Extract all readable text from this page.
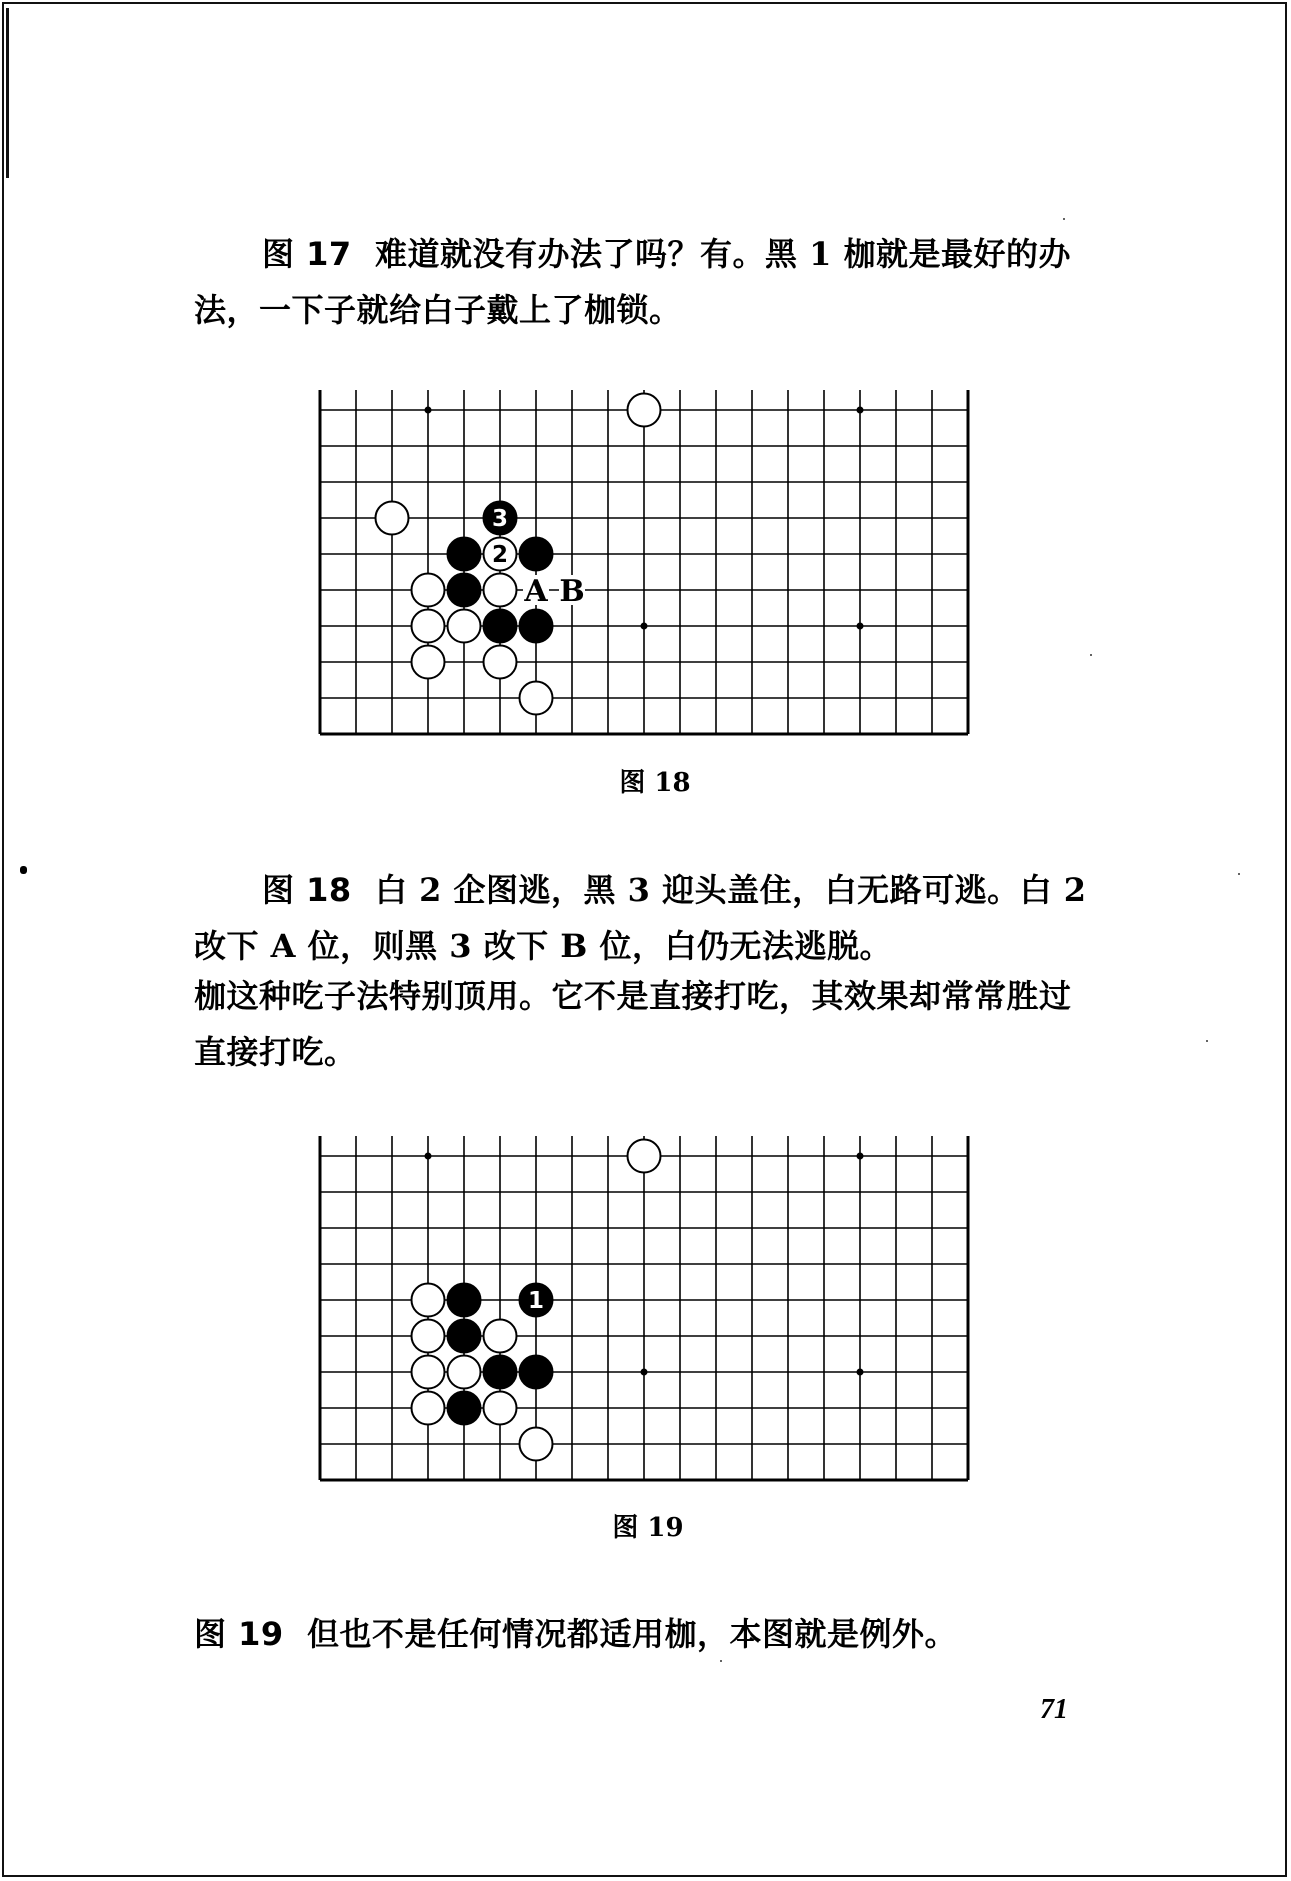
图 17 难道就没有办法了吗？有。黑 1 枷就是最好的办法，一下子就给白子戴上了枷锁。
3
2
A B
图 18
图 18 白 2 企图逃，黑 3 迎头盖住，白无路可逃。白 2 改下 A 位，则黑 3 改下 B 位，白仍无法逃脱。
枷这种吃子法特别顶用。它不是直接打吃，其效果却常常胜过直接打吃。
1
图 19
图 19 但也不是任何情况都适用枷，本图就是例外。
71
